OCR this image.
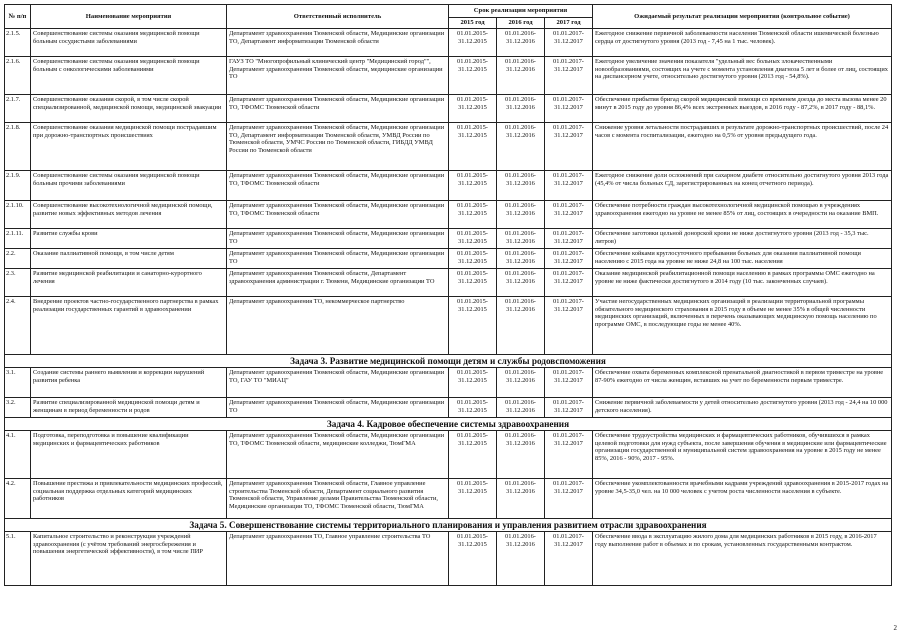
№ п/п	Наименование мероприятия	Ответственный исполнитель	Срок реализации мероприятия			Ожидаемый результат реализации мероприятия (контрольное событие)
			2015 год	2016 год	2017 год	
2.1.5.	Совершенствование системы оказания медицинской помощи больным сосудистыми заболеваниями	Департамент здравоохранения Тюменской области, Медицинские организации ТО, Департамент информатизации Тюменской области	01.01.2015-31.12.2015	01.01.2016-31.12.2016	01.01.2017-31.12.2017	Ежегодное снижение первичной заболеваемости населения Тюменской области ишемической болезнью сердца от достигнутого уровня (2013 год - 7,45 на 1 тыс. человек).
2.1.6.	Совершенствование системы оказания медицинской помощи больным с онкологическими заболеваниями	ГАУЗ ТО "Многопрофильный клинический центр "Медицинский город"", Департамент здравоохранения Тюменской области, медицинские организации ТО	01.01.2015-31.12.2015	01.01.2016-31.12.2016	01.01.2017-31.12.2017	Ежегодное увеличение значения показателя "удельный вес больных злокачественными новообразованиями, состоящих на учете с момента установления диагноза 5 лет и более от лиц, состоящих на диспансерном учете, относительно достигнутого уровня (2013 год - 54,8%).
2.1.7.	Совершенствование оказания скорой, в том числе скорой специализированной, медицинской помощи, медицинской эвакуации	Департамент здравоохранения Тюменской области, Медицинские организации ТО, ТФОМС Тюменской области	01.01.2015-31.12.2015	01.01.2016-31.12.2016	01.01.2017-31.12.2017	Обеспечение прибытия бригад скорой медицинской помощи со временем доезда до места вызова менее 20 минут в 2015 году до уровня 86,4% всех экстренных выездов, в 2016 году - 87,2%, в 2017 году - 88,1%.
2.1.8.	Совершенствование оказания медицинской помощи пострадавшим при дорожно-транспортных происшествиях	Департамент здравоохранения Тюменской области, Медицинские организации ТО, Департамент информатизации Тюменской области, УМВД России по Тюменской области, УМЧС России по Тюменской области, ГИБДД УМВД России по Тюменской области	01.01.2015-31.12.2015	01.01.2016-31.12.2016	01.01.2017-31.12.2017	Снижение уровня летальности пострадавших в результате дорожно-транспортных происшествий, после 24 часов с момента госпитализации, ежегодно на 0,5% от уровня предыдущего года.
2.1.9.	Совершенствование системы оказания медицинской помощи больным прочими заболеваниями	Департамент здравоохранения Тюменской области, Медицинские организации ТО, ТФОМС Тюменской области	01.01.2015-31.12.2015	01.01.2016-31.12.2016	01.01.2017-31.12.2017	Ежегодное снижение доли осложнений при сахарном диабете относительно достигнутого уровня 2013 года (45,4% от числа больных СД, зарегистрированных на конец отчетного периода).
2.1.10.	Совершенствование высокотехнологичной медицинской помощи, развитие новых эффективных методов лечения	Департамент здравоохранения Тюменской области, Медицинские организации ТО, ТФОМС Тюменской области	01.01.2015-31.12.2015	01.01.2016-31.12.2016	01.01.2017-31.12.2017	Обеспечение потребности граждан высокотехнологичной медицинской помощью в учреждениях здравоохранения ежегодно на уровне не менее 85% от лиц, состоящих в очередности на оказание ВМП.
2.1.11.	Развитие службы крови	Департамент здравоохранения Тюменской области, Медицинские организации ТО	01.01.2015-31.12.2015	01.01.2016-31.12.2016	01.01.2017-31.12.2017	Обеспечение заготовки цельной донорской крови не ниже достигнутого уровня (2013 год - 35,3 тыс. литров)
2.2.	Оказание паллиативной помощи, в том числе детям	Департамент здравоохранения Тюменской области, Медицинские организации ТО	01.01.2015-31.12.2015	01.01.2016-31.12.2016	01.01.2017-31.12.2017	Обеспечение койками круглосуточного пребывания больных для оказания паллиативной помощи населению с 2015 года на уровне не ниже 24,8 на 100 тыс. населения
2.3.	Развитие медицинской реабилитации и санаторно-курортного лечения	Департамент здравоохранения Тюменской области, Департамент здравоохранения администрации г. Тюмени, Медицинские организации ТО	01.01.2015-31.12.2015	01.01.2016-31.12.2016	01.01.2017-31.12.2017	Оказание медицинской реабилитационной помощи населению в рамках программы ОМС ежегодно на уровне не ниже фактически достигнутого в 2014 году (10 тыс. законченных случаев).
2.4.	Внедрение проектов частно-государственного партнерства в рамках реализации государственных гарантий в здравоохранении	Департамент здравоохранения ТО, некоммерческое партнерство	01.01.2015-31.12.2015	01.01.2016-31.12.2016	01.01.2017-31.12.2017	Участие негосударственных медицинских организаций в реализации территориальной программы обязательного медицинского страхования в 2015 году в объеме не менее 35% в общей численности медицинских организаций, включенных в перечень оказывающих медицинскую помощь населению по программе ОМС, в последующие годы не менее 40%.
Задача 3. Развитие медицинской помощи детям и службы родовспоможения						
3.1.	Создание системы раннего выявления и коррекции нарушений развития ребенка	Департамент здравоохранения Тюменской области, Медицинские организации ТО, ГАУ ТО "МИАЦ"	01.01.2015-31.12.2015	01.01.2016-31.12.2016	01.01.2017-31.12.2017	Обеспечение охвата беременных комплексной пренатальной диагностикой в первом триместре на уровне 87-90% ежегодно от числа женщин, вставших на учет по беременности первым триместре.
3.2.	Развитие специализированной медицинской помощи детям и женщинам в период беременности и родов	Департамент здравоохранения Тюменской области, Медицинские организации ТО	01.01.2015-31.12.2015	01.01.2016-31.12.2016	01.01.2017-31.12.2017	Снижение первичной заболеваемости у детей относительно достигнутого уровня (2013 год - 24,4 на 10 000 детского населения).
Задача 4. Кадровое обеспечение системы здравоохранения						
4.1.	Подготовка, переподготовка и повышение квалификации медицинских и фармацевтических работников	Департамент здравоохранения Тюменской области, Медицинские организации ТО, ТФОМС Тюменской области, медицинские колледжи, ТюмГМА	01.01.2015-31.12.2015	01.01.2016-31.12.2016	01.01.2017-31.12.2017	Обеспечение трудоустройства медицинских и фармацевтических работников, обучившихся в рамках целевой подготовки для нужд субъекта, после завершения обучения в медицинские или фармацевтические организации государственной и муниципальной систем здравоохранения на уровне в 2015 году не менее 85%, 2016 - 90%, 2017 - 95%.
4.2.	Повышение престижа и привлекательности медицинских профессий, социальная поддержка отдельных категорий медицинских работников	Департамент здравоохранения Тюменской области, Главное управление строительства Тюменской области, Департамент социального развития Тюменской области, Управление делами Правительства Тюменской области, Медицинские организации ТО, ТФОМС Тюменской области, ТюмГМА	01.01.2015-31.12.2015	01.01.2016-31.12.2016	01.01.2017-31.12.2017	Обеспечение укомплектованности врачебными кадрами учреждений здравоохранения в 2015-2017 годах на уровне 34,5-35,0 чел. на 10 000 человек с учетом роста численности населения в субъекте.
Задача 5. Совершенствование системы территориального планирования и управления развитием отрасли здравоохранения						
5.1.	Капитальное строительство и реконструкция учреждений здравоохранения (с учётом требований энергосбережения и повышения энергетической эффективности), в том числе ПИР	Департамент здравоохранения ТО, Главное управление строительства ТО	01.01.2015-31.12.2015	01.01.2016-31.12.2016	01.01.2017-31.12.2017	Обеспечение ввода в эксплуатацию жилого дома для медицинских работников в 2015 году, в 2016-2017 году выполнение работ в объемах и по срокам, установленных государственными контрактом.
2
